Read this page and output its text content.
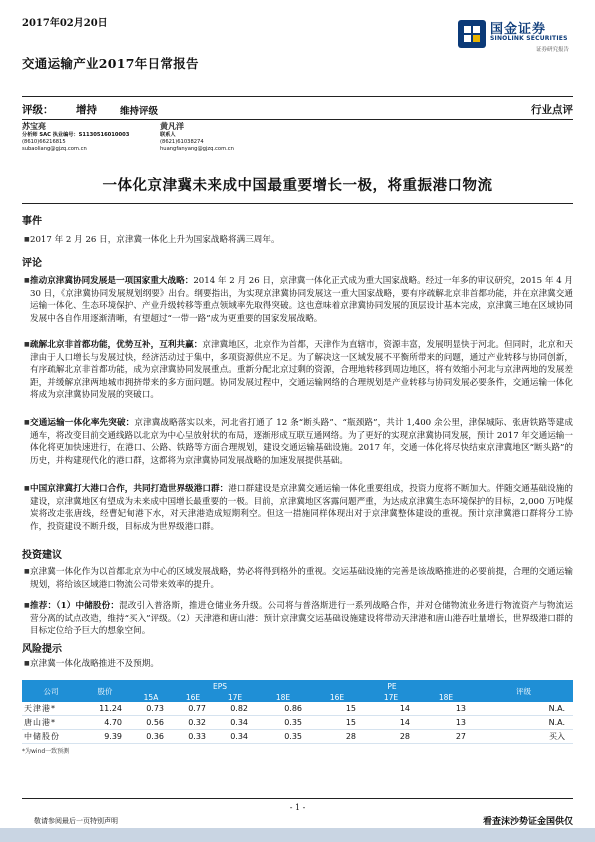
2017年02月20日
交通运输产业2017年日常报告
国金证券
SINOLINK SECURITIES
证券研究报告
评级： 增持 维持评级	行业点评
苏宝亮
分析师 SAC 执业编号：S1130516010003
(8610)66216815
subaoliang@gjzq.com.cn
黄凡洋
联系人
(8621)61038274
huangfanyang@gjzq.com.cn
一体化京津冀未来成中国最重要增长一极，将重振港口物流
事件
■ 2017 年 2 月 26 日，京津冀一体化上升为国家战略将满三周年。
评论
■ 推动京津冀协同发展是一项国家重大战略：2014 年 2 月 26 日，京津冀一体化正式成为重大国家战略。经过一年多的审议研究，2015 年 4 月 30 日，《京津冀协同发展规划纲要》出台。纲要指出，为实现京津冀协同发展这一重大国家战略，要有序疏解北京非首都功能，并在京津冀交通运输一体化、生态环境保护、产业升级转移等重点领域率先取得突破。这也意味着京津冀协同发展的顶层设计基本完成，京津冀三地在区域协同发展中各自作用逐渐清晰，有望超过“一带一路”成为更重要的国家发展战略。
■ 疏解北京非首都功能，优势互补，互利共赢：京津冀地区，北京作为首都，天津作为直辖市，资源丰富，发展明显快于河北。但同时，北京和天津由于人口增长与发展过快，经济活动过于集中，多项资源供应不足。为了解决这一区域发展不平衡所带来的问题，通过产业转移与协同创新，有序疏解北京非首都功能，成为京津冀协同发展重点。重新分配北京过剩的资源，合理地转移到周边地区，将有效缩小河北与京津两地的发展差距，并缓解京津两地城市拥挤带来的多方面问题。协同发展过程中，交通运输网络的合理规划是产业转移与协同发展必要条件，交通运输一体化将成为京津冀协同发展的突破口。
■ 交通运输一体化率先突破：京津冀战略落实以来，河北省打通了 12 条“断头路”、“瓶颈路”，共计 1,400 余公里，津保城际、张唐铁路等建成通车，将改变目前交通线路以北京为中心呈放射状的布局，逐渐形成互联互通网络。为了更好的实现京津冀协同发展，预计 2017 年交通运输一体化将更加快速进行，在港口、公路、铁路等方面合理规划，建设交通运输基础设施。2017 年，交通一体化将尽快结束京津冀地区“断头路”的历史，并构建现代化的港口群，这都将为京津冀协同发展战略的加速发展提供基础。
■ 中国京津冀打大港口合作，共同打造世界级港口群：港口群建设是京津冀交通运输一体化重要组成，投资力度将不断加大。伴随交通基础设施的建设，京津冀地区有望成为未来成中国增长最重要的一极。目前，京津冀地区客露问题严重，为达成京津冀生态环境保护的目标，2,000 万吨煤炭将改走张唐线，经曹妃甸港下水，对天津港造成短期利空。但这一措施同样体现出对于京津冀整体建设的重视。预计京津冀港口群将分工协作，投资建设不断升级，目标成为世界级港口群。
投资建议
■ 京津冀一体化作为以首都北京为中心的区域发展战略，势必将得到格外的重视。交运基础设施的完善是该战略推进的必要前提，合理的交通运输规划，将给该区域港口物流公司带来效率的提升。
■ 推荐：（1）中储股份：混改引入普洛斯，推进仓储业务升级。公司将与普洛斯进行一系列战略合作，并对仓储物流业务进行物流资产与物流运营分离的试点改造，维持“买入”评级。（2）天津港和唐山港：预计京津冀交运基础设施建设将带动天津港和唐山港吞吐量增长，世界级港口群的目标定位给予巨大的想象空间。
风险提示
■ 京津冀一体化战略推进不及预期。
公司	股价	EPS				PE			评级
		15A	16E	17E	18E	16E	17E	18E	
天津港*	11.24	0.73	0.77	0.82	0.86	15	14	13	N.A.
唐山港*	4.70	0.56	0.32	0.34	0.35	15	14	13	N.A.
中储股份	9.39	0.36	0.33	0.34	0.35	28	28	27	买入
*为wind一致预测
- 1 -
敬请参阅最后一页特别声明	看查沫沙势证金国供仅
